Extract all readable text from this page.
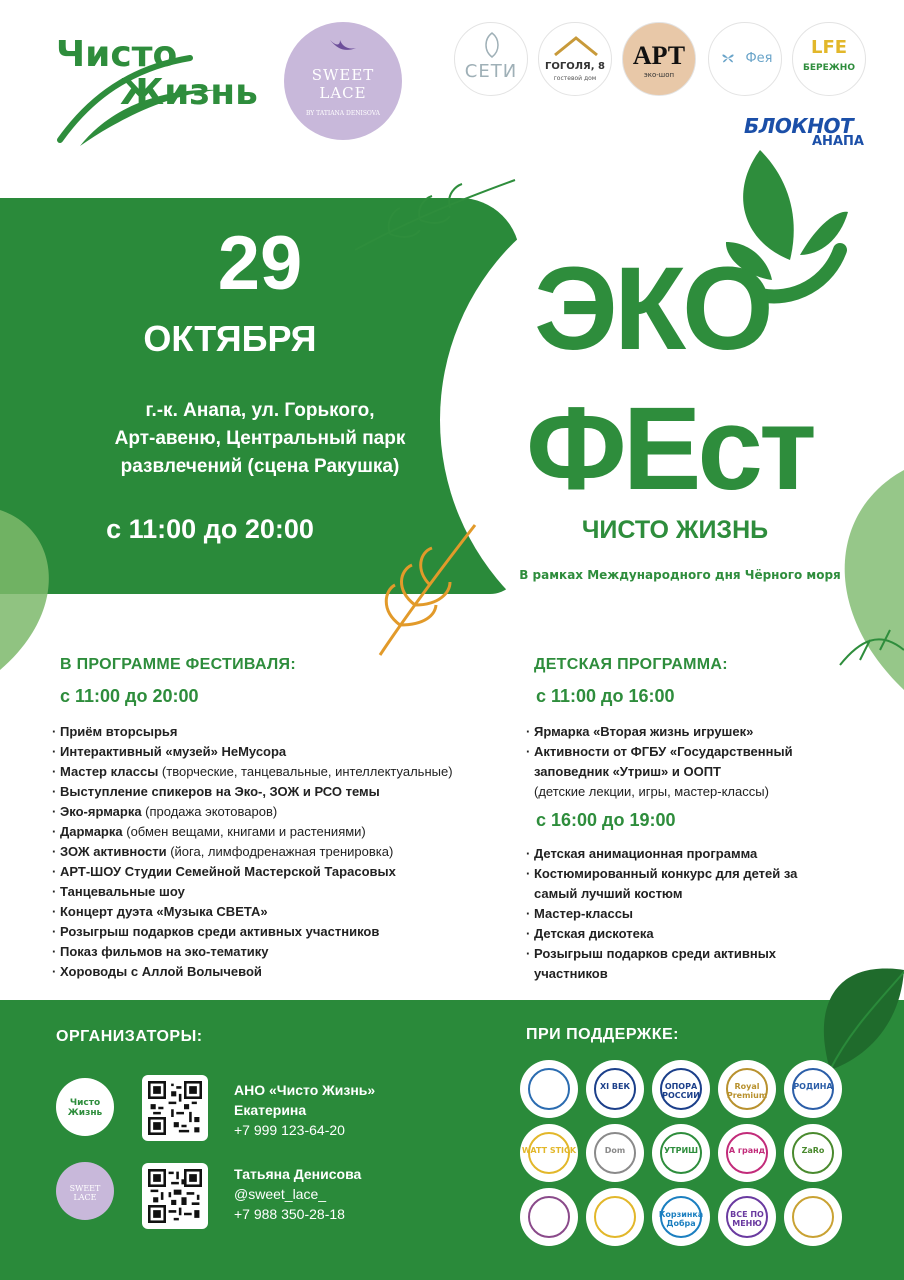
Чисто
Жизнь	SWEET
LACE
BY TATIANA DENISOVA
СЕТИ	ГОГОЛЯ, 8
гостевой дом
АРТ
эко-шоп
Фея
LFE
БЕРЕЖНО
БЛОКНОТ
АНАПА
29
ОКТЯБРЯ
г.-к. Анапа, ул. Горького,
Арт-авеню, Центральный парк
развлечений (сцена Ракушка)
с 11:00 до 20:00
ЭКО
ФЕст
ЧИСТО ЖИЗНЬ
В рамках Международного дня Чёрного моря
В ПРОГРАММЕ ФЕСТИВАЛЯ:
с 11:00 до 20:00
· Приём вторсырья
· Интерактивный «музей» НеМусора
· Мастер классы (творческие, танцевальные, интеллектуальные)
· Выступление спикеров на Эко-, ЗОЖ и РСО темы
· Эко-ярмарка (продажа экотоваров)
· Дармарка (обмен вещами, книгами и растениями)
· ЗОЖ активности (йога, лимфодренажная тренировка)
· АРТ-ШОУ Студии Семейной Мастерской Тарасовых
· Танцевальные шоу
· Концерт дуэта «Музыка СВЕТА»
· Розыгрыш подарков среди активных участников
· Показ фильмов на эко-тематику
· Хороводы с Аллой Волычевой
ДЕТСКАЯ ПРОГРАММА:
с 11:00 до 16:00
· Ярмарка «Вторая жизнь игрушек»
· Активности от ФГБУ «Государственный заповедник «Утриш» и ООПТ
(детские лекции, игры, мастер-классы)
с 16:00 до 19:00
· Детская анимационная программа
· Костюмированный конкурс для детей за самый лучший костюм
· Мастер-классы
· Детская дискотека
· Розыгрыш подарков среди активных участников
ОРГАНИЗАТОРЫ:
Чисто Жизнь
АНО «Чисто Жизнь»
Екатерина
+7 999 123-64-20
SWEET LACE
Татьяна Денисова
@sweet_lace_
+7 988 350-28-18
ПРИ ПОДДЕРЖКЕ:
XI ВЕК	ОПОРА РОССИИ
Royal Premium
РОДИНА
WATT STICK	Dom	УТРИШ	А гранд	ZaRo
Корзинка Добра
ВСЕ ПО МЕНЮ
